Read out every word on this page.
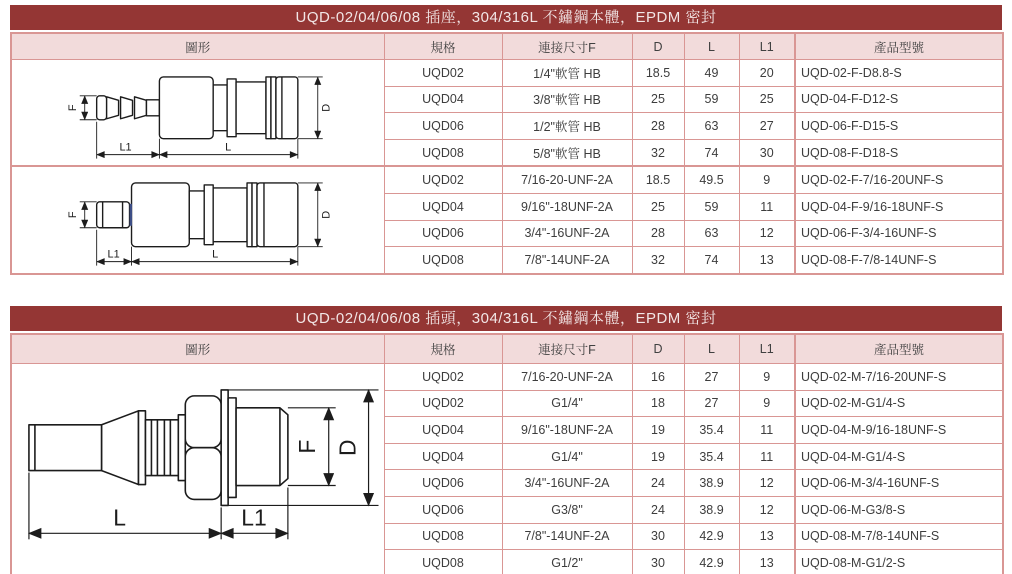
UQD-02/04/06/08 插座，304/316L 不鏽鋼本體，EPDM 密封
圖形	規格	連接尺寸F	D	L	L1	產品型號

F D
L1 L	UQD02	1/4"軟管 HB	18.5	49	20	UQD-02-F-D8.8-S
	UQD04	3/8"軟管 HB	25	59	25	UQD-04-F-D12-S
	UQD06	1/2"軟管 HB	28	63	27	UQD-06-F-D15-S
	UQD08	5/8"軟管 HB	32	74	30	UQD-08-F-D18-S

F D
L1 L	UQD02	7/16-20-UNF-2A	18.5	49.5	9	UQD-02-F-7/16-20UNF-S
	UQD04	9/16"-18UNF-2A	25	59	11	UQD-04-F-9/16-18UNF-S
	UQD06	3/4"-16UNF-2A	28	63	12	UQD-06-F-3/4-16UNF-S
	UQD08	7/8"-14UNF-2A	32	74	13	UQD-08-F-7/8-14UNF-S
UQD-02/04/06/08 插頭，304/316L 不鏽鋼本體，EPDM 密封
圖形	規格	連接尺寸F	D	L	L1	產品型號

L L1
F D	UQD02	7/16-20-UNF-2A	16	27	9	UQD-02-M-7/16-20UNF-S
	UQD02	G1/4"	18	27	9	UQD-02-M-G1/4-S
	UQD04	9/16"-18UNF-2A	19	35.4	11	UQD-04-M-9/16-18UNF-S
	UQD04	G1/4"	19	35.4	11	UQD-04-M-G1/4-S
	UQD06	3/4"-16UNF-2A	24	38.9	12	UQD-06-M-3/4-16UNF-S
	UQD06	G3/8"	24	38.9	12	UQD-06-M-G3/8-S
	UQD08	7/8"-14UNF-2A	30	42.9	13	UQD-08-M-7/8-14UNF-S
	UQD08	G1/2"	30	42.9	13	UQD-08-M-G1/2-S
